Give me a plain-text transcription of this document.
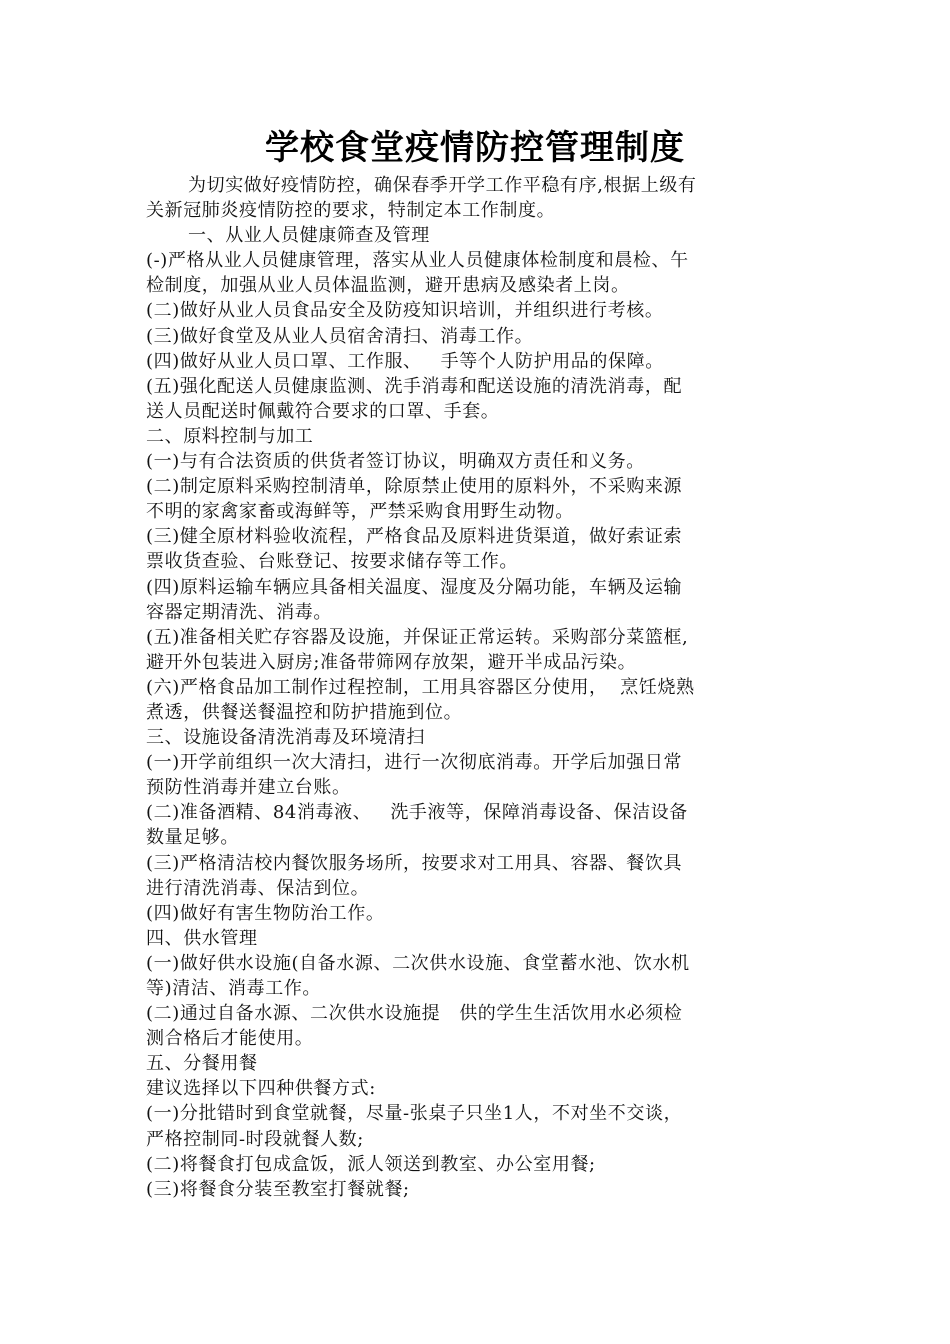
学校食堂疫情防控管理制度
为切实做好疫情防控，确保春季开学工作平稳有序,根据上级有
关新冠肺炎疫情防控的要求，特制定本工作制度。
一、从业人员健康筛查及管理
(-)严格从业人员健康管理，落实从业人员健康体检制度和晨检、午
检制度，加强从业人员体温监测，避开患病及感染者上岗。
(二)做好从业人员食品安全及防疫知识培训，并组织进行考核。
(三)做好食堂及从业人员宿舍清扫、消毒工作。
(四)做好从业人员口罩、工作服、   手等个人防护用品的保障。
(五)强化配送人员健康监测、洗手消毒和配送设施的清洗消毒，配
送人员配送时佩戴符合要求的口罩、手套。
二、原料控制与加工
(一)与有合法资质的供货者签订协议，明确双方责任和义务。
(二)制定原料采购控制清单，除原禁止使用的原料外，不采购来源
不明的家禽家畜或海鲜等，严禁采购食用野生动物。
(三)健全原材料验收流程，严格食品及原料进货渠道，做好索证索
票收货查验、台账登记、按要求储存等工作。
(四)原料运输车辆应具备相关温度、湿度及分隔功能，车辆及运输
容器定期清洗、消毒。
(五)准备相关贮存容器及设施，并保证正常运转。采购部分菜篮框,
避开外包装进入厨房;准备带筛网存放架，避开半成品污染。
(六)严格食品加工制作过程控制，工用具容器区分使用，  烹饪烧熟
煮透，供餐送餐温控和防护措施到位。
三、设施设备清洗消毒及环境清扫
(一)开学前组织一次大清扫，进行一次彻底消毒。开学后加强日常
预防性消毒并建立台账。
(二)准备酒精、84消毒液、   洗手液等，保障消毒设备、保洁设备
数量足够。
(三)严格清洁校内餐饮服务场所，按要求对工用具、容器、餐饮具
进行清洗消毒、保洁到位。
(四)做好有害生物防治工作。
四、供水管理
(一)做好供水设施(自备水源、二次供水设施、食堂蓄水池、饮水机
等)清洁、消毒工作。
(二)通过自备水源、二次供水设施提   供的学生生活饮用水必须检
测合格后才能使用。
五、分餐用餐
建议选择以下四种供餐方式:
(一)分批错时到食堂就餐，尽量-张桌子只坐1人，不对坐不交谈，
严格控制同-时段就餐人数;
(二)将餐食打包成盒饭，派人领送到教室、办公室用餐;
(三)将餐食分装至教室打餐就餐;
